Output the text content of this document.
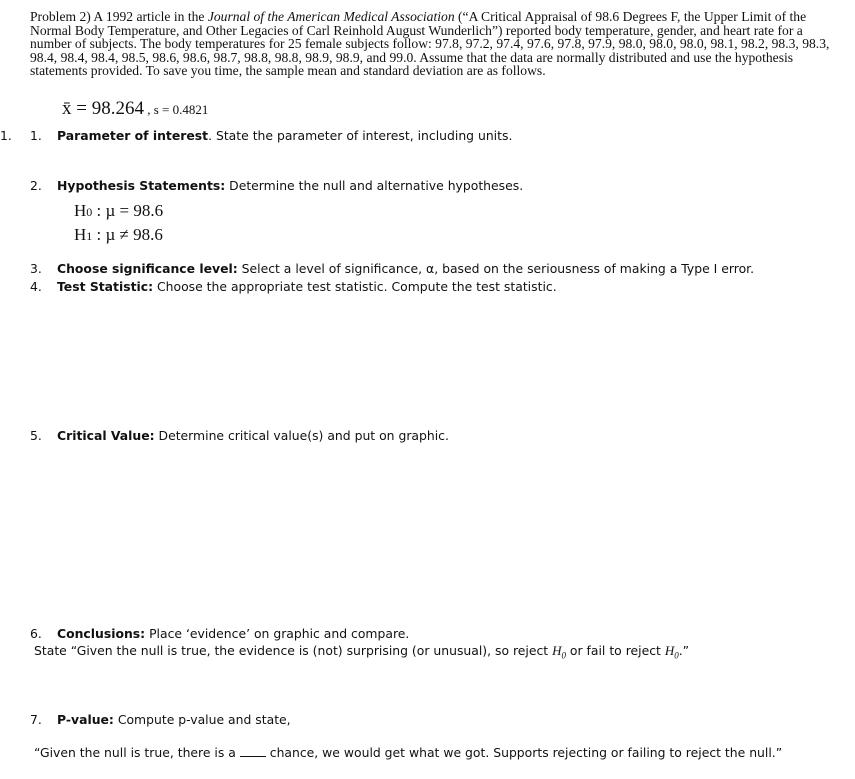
Problem 2) A 1992 article in the Journal of the American Medical Association (“A Critical Appraisal of 98.6 Degrees F, the Upper Limit of the Normal Body Temperature, and Other Legacies of Carl Reinhold August Wunderlich”) reported body temperature, gender, and heart rate for a number of subjects. The body temperatures for 25 female subjects follow: 97.8, 97.2, 97.4, 97.6, 97.8, 97.9, 98.0, 98.0, 98.0, 98.1, 98.2, 98.3, 98.3, 98.4, 98.4, 98.4, 98.5, 98.6, 98.6, 98.7, 98.8, 98.8, 98.9, 98.9, and 99.0. Assume that the data are normally distributed and use the hypothesis statements provided. To save you time, the sample mean and standard deviation are as follows.
x̄ = 98.264 , s = 0.4821
1. 1. Parameter of interest. State the parameter of interest, including units.
2. Hypothesis Statements: Determine the null and alternative hypotheses.
H0 : µ = 98.6
H1 : µ ≠ 98.6
3. Choose significance level: Select a level of significance, α, based on the seriousness of making a Type I error.
4. Test Statistic: Choose the appropriate test statistic. Compute the test statistic.
5. Critical Value: Determine critical value(s) and put on graphic.
6. Conclusions: Place ‘evidence’ on graphic and compare.
State “Given the null is true, the evidence is (not) surprising (or unusual), so reject $H_0$ or fail to reject $H_0$.”
7. P-value: Compute p-value and state,
“Given the null is true, there is a  chance, we would get what we got. Supports rejecting or failing to reject the null.”
